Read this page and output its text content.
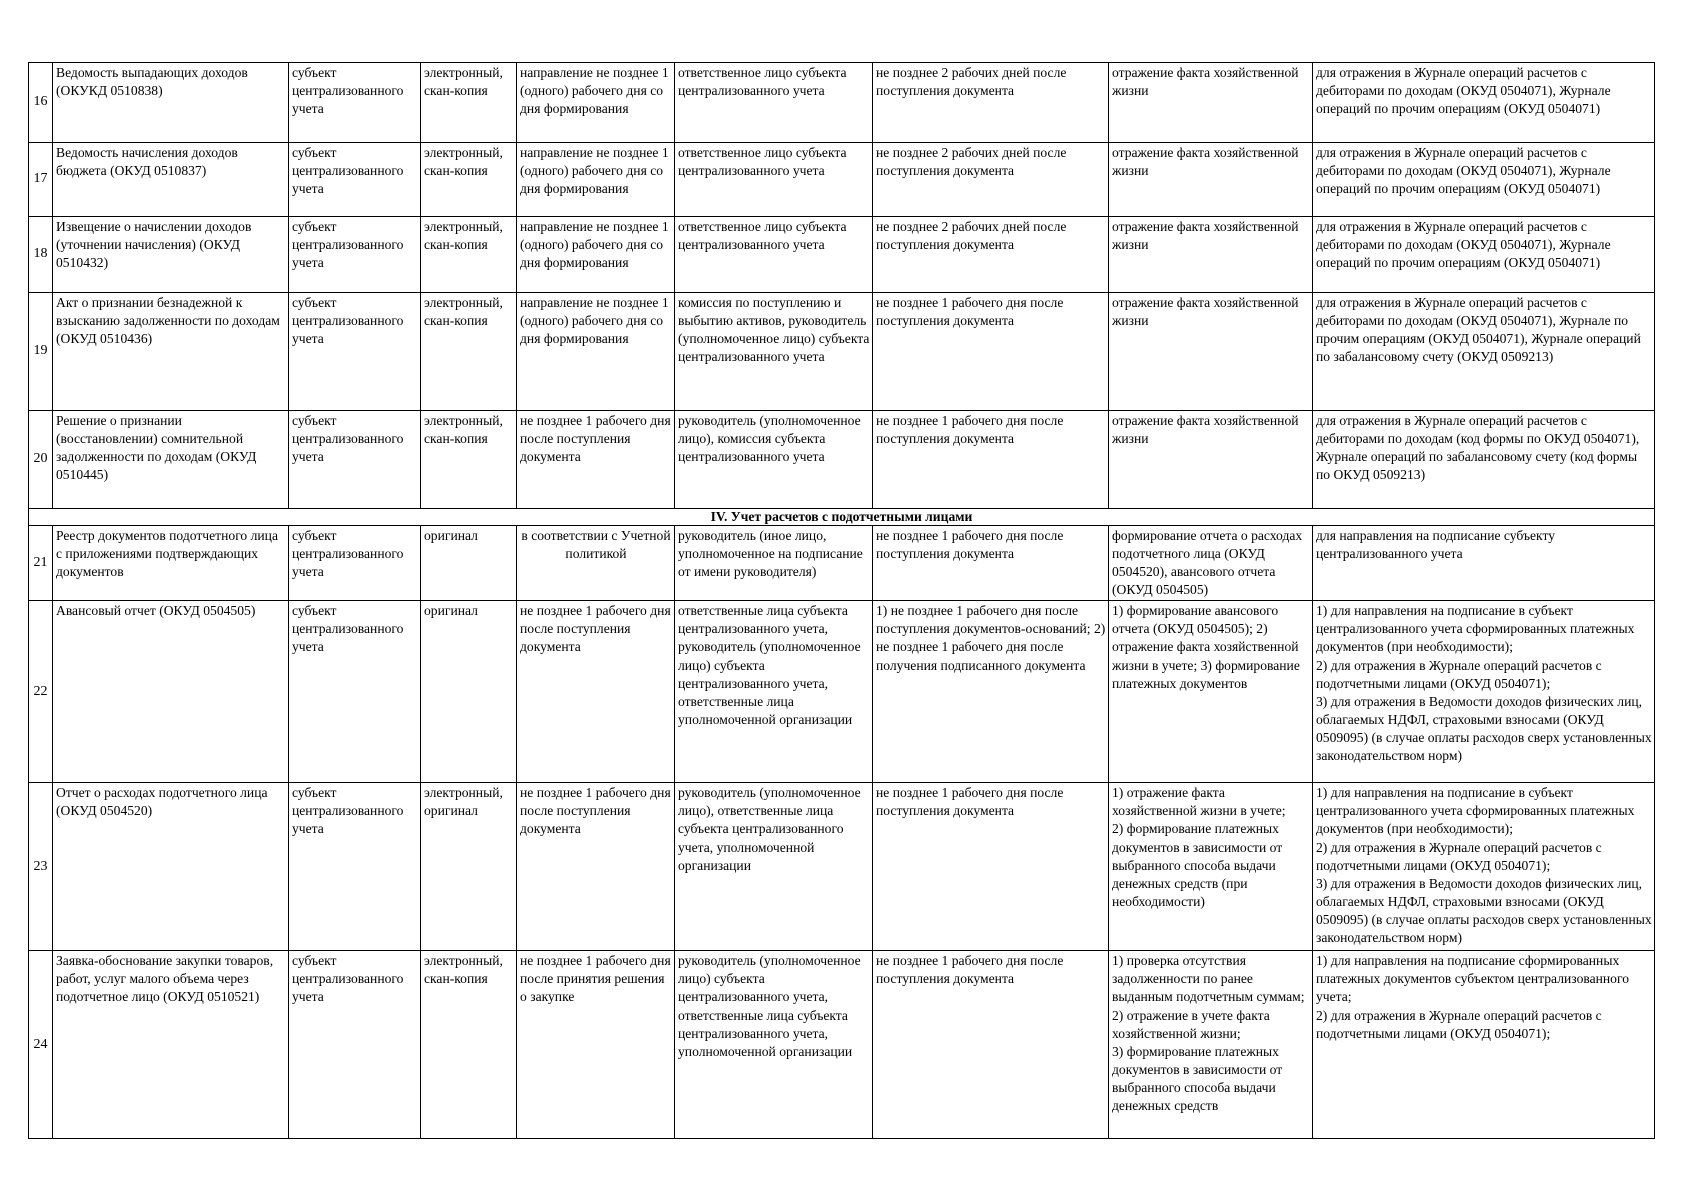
16	Ведомость выпадающих доходов (ОКУКД 0510838)	субъект централизованного учета	электронный, скан-копия	направление не позднее 1 (одного) рабочего дня со дня формирования	ответственное лицо субъекта централизованного учета	не позднее 2 рабочих дней после поступления документа	отражение факта хозяйственной жизни	для отражения в Журнале операций расчетов с дебиторами по доходам (ОКУД 0504071), Журнале операций по прочим операциям (ОКУД 0504071)
17	Ведомость начисления доходов бюджета (ОКУД 0510837)	субъект централизованного учета	электронный, скан-копия	направление не позднее 1 (одного) рабочего дня со дня формирования	ответственное лицо субъекта централизованного учета	не позднее 2 рабочих дней после поступления документа	отражение факта хозяйственной жизни	для отражения в Журнале операций расчетов с дебиторами по доходам (ОКУД 0504071), Журнале операций по прочим операциям (ОКУД 0504071)
18	Извещение о начислении доходов (уточнении начисления) (ОКУД 0510432)	субъект централизованного учета	электронный, скан-копия	направление не позднее 1 (одного) рабочего дня со дня формирования	ответственное лицо субъекта централизованного учета	не позднее 2 рабочих дней после поступления документа	отражение факта хозяйственной жизни	для отражения в Журнале операций расчетов с дебиторами по доходам (ОКУД 0504071), Журнале операций по прочим операциям (ОКУД 0504071)
19	Акт о признании безнадежной к взысканию задолженности по доходам (ОКУД 0510436)	субъект централизованного учета	электронный, скан-копия	направление не позднее 1 (одного) рабочего дня со дня формирования	комиссия по поступлению и выбытию активов, руководитель (уполномоченное лицо) субъекта централизованного учета	не позднее 1 рабочего дня после поступления документа	отражение факта хозяйственной жизни	для отражения в Журнале операций расчетов с дебиторами по доходам (ОКУД 0504071), Журнале по прочим операциям (ОКУД 0504071), Журнале операций по забалансовому счету (ОКУД 0509213)
20	Решение о признании (восстановлении) сомнительной задолженности по доходам (ОКУД 0510445)	субъект централизованного учета	электронный, скан-копия	не позднее 1 рабочего дня после поступления документа	руководитель (уполномоченное лицо), комиссия субъекта централизованного учета	не позднее 1 рабочего дня после поступления документа	отражение факта хозяйственной жизни	для отражения в Журнале операций расчетов с дебиторами по доходам (код формы по ОКУД 0504071), Журнале операций по забалансовому счету (код формы по ОКУД 0509213)
IV. Учет расчетов с подотчетными лицами								
21	Реестр документов подотчетного лица с приложениями подтверждающих документов	субъект централизованного учета	оригинал	в соответствии с Учетной политикой	руководитель (иное лицо, уполномоченное на подписание от имени руководителя)	не позднее 1 рабочего дня после поступления документа	формирование отчета о расходах подотчетного лица (ОКУД 0504520), авансового отчета (ОКУД 0504505)	для направления на подписание субъекту централизованного учета
22	Авансовый отчет (ОКУД 0504505)	субъект централизованного учета	оригинал	не позднее 1 рабочего дня после поступления документа	ответственные лица субъекта централизованного учета, руководитель (уполномоченное лицо) субъекта централизованного учета, ответственные лица уполномоченной организации	1) не позднее 1 рабочего дня после поступления документов-оснований; 2) не позднее 1 рабочего дня после получения подписанного документа	1) формирование авансового отчета (ОКУД 0504505); 2) отражение факта хозяйственной жизни в учете; 3) формирование платежных документов	1) для направления на подписание в субъект централизованного учета сформированных платежных документов (при необходимости);
2) для отражения в Журнале операций расчетов с подотчетными лицами (ОКУД 0504071);
3) для отражения в Ведомости доходов физических лиц, облагаемых НДФЛ, страховыми взносами (ОКУД 0509095) (в случае оплаты расходов сверх установленных законодательством норм)
23	Отчет о расходах подотчетного лица (ОКУД 0504520)	субъект централизованного учета	электронный, оригинал	не позднее 1 рабочего дня после поступления документа	руководитель (уполномоченное лицо), ответственные лица субъекта централизованного учета, уполномоченной организации	не позднее 1 рабочего дня после поступления документа	1) отражение факта хозяйственной жизни в учете;
2) формирование платежных документов в зависимости от выбранного способа выдачи денежных средств (при необходимости)	1) для направления на подписание в субъект централизованного учета сформированных платежных документов (при необходимости);
2) для отражения в Журнале операций расчетов с подотчетными лицами (ОКУД 0504071);
3) для отражения в Ведомости доходов физических лиц, облагаемых НДФЛ, страховыми взносами (ОКУД 0509095) (в случае оплаты расходов сверх установленных законодательством норм)
24	Заявка-обоснование закупки товаров, работ, услуг малого объема через подотчетное лицо (ОКУД 0510521)	субъект централизованного учета	электронный, скан-копия	не позднее 1 рабочего дня после принятия решения о закупке	руководитель (уполномоченное лицо) субъекта централизованного учета, ответственные лица субъекта централизованного учета, уполномоченной организации	не позднее 1 рабочего дня после поступления документа	1) проверка отсутствия задолженности по ранее выданным подотчетным суммам;
2) отражение в учете факта хозяйственной жизни;
3) формирование платежных документов в зависимости от выбранного способа выдачи денежных средств	1) для направления на подписание сформированных платежных документов субъектом централизованного учета;
2) для отражения в Журнале операций расчетов с подотчетными лицами (ОКУД 0504071);
